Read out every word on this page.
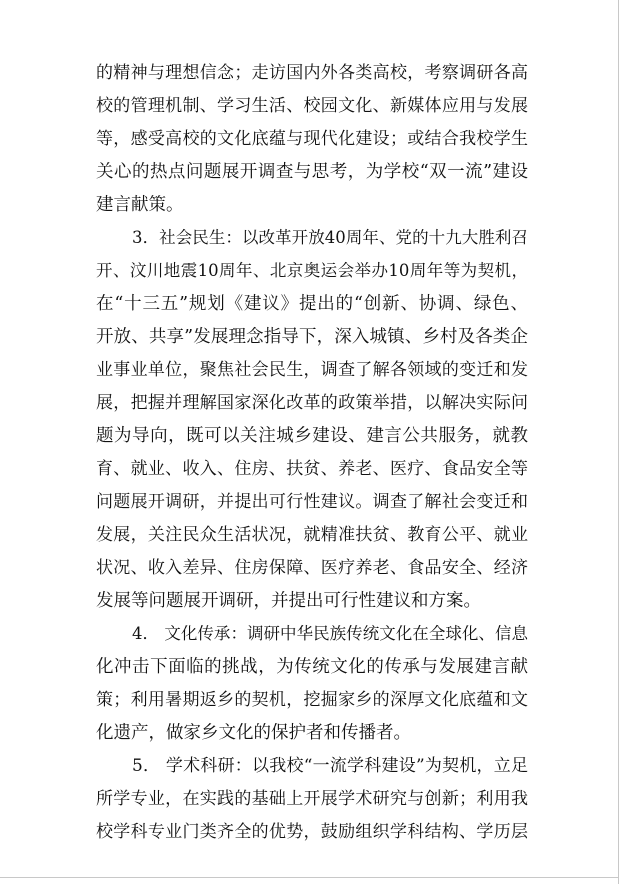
的精神与理想信念；走访国内外各类高校，考察调研各高
校的管理机制、学习生活、校园文化、新媒体应用与发展
等，感受高校的文化底蕴与现代化建设；或结合我校学生
关心的热点问题展开调查与思考，为学校“双一流”建设
建言献策。
3．社会民生：以改革开放40周年、党的十九大胜利召
开、汶川地震10周年、北京奥运会举办10周年等为契机，
在“十三五”规划《建议》提出的“创新、协调、绿色、
开放、共享”发展理念指导下，深入城镇、乡村及各类企
业事业单位，聚焦社会民生，调查了解各领域的变迁和发
展，把握并理解国家深化改革的政策举措，以解决实际问
题为导向，既可以关注城乡建设、建言公共服务，就教
育、就业、收入、住房、扶贫、养老、医疗、食品安全等
问题展开调研，并提出可行性建议。调查了解社会变迁和
发展，关注民众生活状况，就精准扶贫、教育公平、就业
状况、收入差异、住房保障、医疗养老、食品安全、经济
发展等问题展开调研，并提出可行性建议和方案。
4． 文化传承：调研中华民族传统文化在全球化、信息
化冲击下面临的挑战，为传统文化的传承与发展建言献
策；利用暑期返乡的契机，挖掘家乡的深厚文化底蕴和文
化遗产，做家乡文化的保护者和传播者。
5． 学术科研：以我校“一流学科建设”为契机，立足
所学专业，在实践的基础上开展学术研究与创新；利用我
校学科专业门类齐全的优势，鼓励组织学科结构、学历层
